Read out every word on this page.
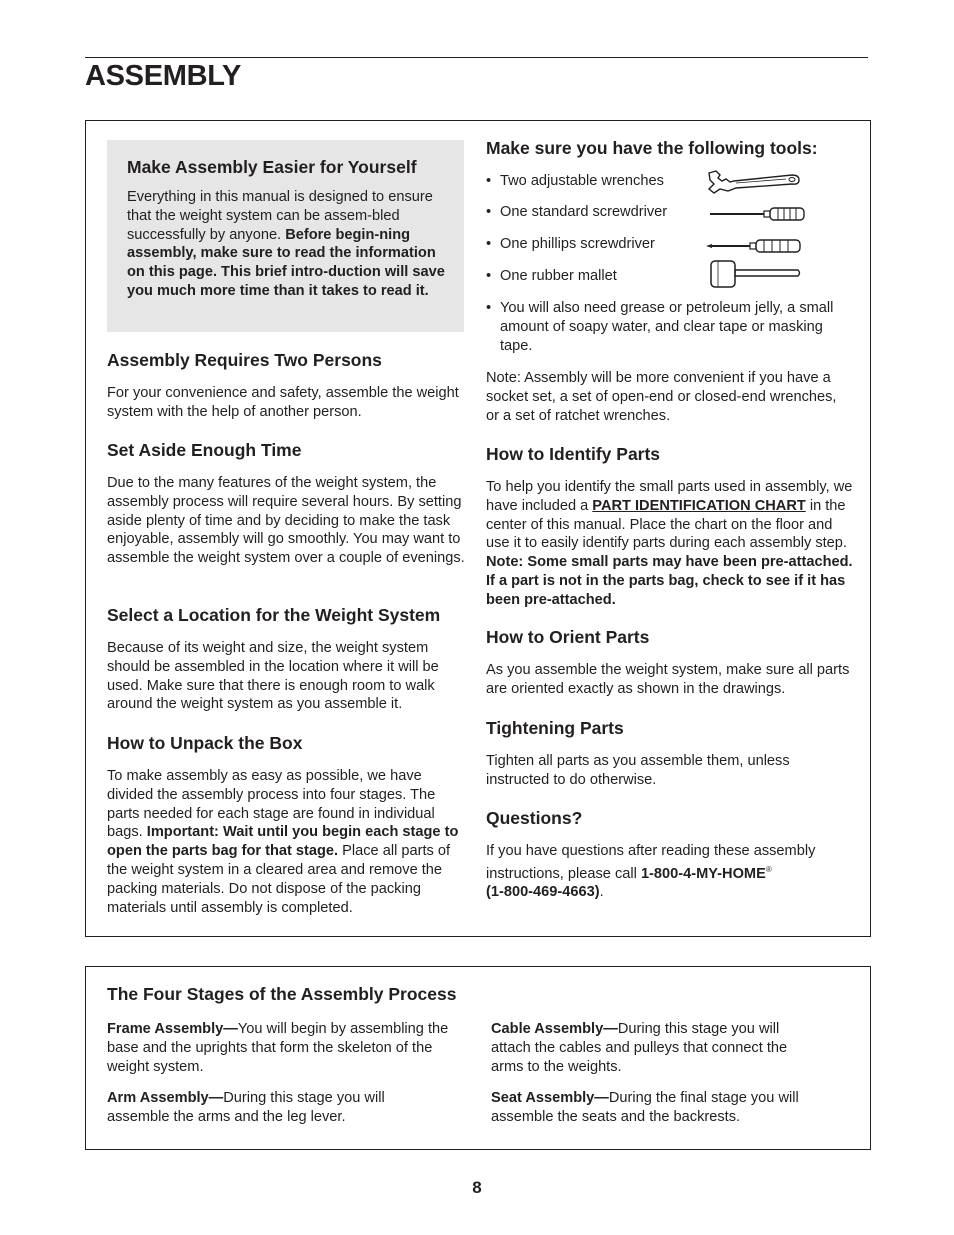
ASSEMBLY
Make Assembly Easier for Yourself

Everything in this manual is designed to ensure that the weight system can be assem-bled successfully by anyone. Before begin-ning assembly, make sure to read the information on this page. This brief intro-duction will save you much more time than it takes to read it.

Assembly Requires Two Persons

For your convenience and safety, assemble the weight system with the help of another person.

Set Aside Enough Time

Due to the many features of the weight system, the assembly process will require several hours. By setting aside plenty of time and by deciding to make the task enjoyable, assembly will go smoothly. You may want to assemble the weight system over a couple of evenings.

Select a Location for the Weight System

Because of its weight and size, the weight system should be assembled in the location where it will be used. Make sure that there is enough room to walk around the weight system as you assemble it.

How to Unpack the Box

To make assembly as easy as possible, we have divided the assembly process into four stages. The parts needed for each stage are found in individual bags. Important: Wait until you begin each stage to open the parts bag for that stage. Place all parts of the weight system in a cleared area and remove the packing materials. Do not dispose of the packing materials until assembly is completed.

Make sure you have the following tools:
• Two adjustable wrenches
• One standard screwdriver
• One phillips screwdriver
• One rubber mallet
• You will also need grease or petroleum jelly, a small amount of soapy water, and clear tape or masking tape.

Note: Assembly will be more convenient if you have a socket set, a set of open-end or closed-end wrenches, or a set of ratchet wrenches.

How to Identify Parts

To help you identify the small parts used in assembly, we have included a PART IDENTIFICATION CHART in the center of this manual. Place the chart on the floor and use it to easily identify parts during each assembly step. Note: Some small parts may have been pre-attached. If a part is not in the parts bag, check to see if it has been pre-attached.

How to Orient Parts

As you assemble the weight system, make sure all parts are oriented exactly as shown in the drawings.

Tightening Parts

Tighten all parts as you assemble them, unless instructed to do otherwise.

Questions?

If you have questions after reading these assembly instructions, please call 1-800-4-MY-HOME®
(1-800-469-4663).

The Four Stages of the Assembly Process

Frame Assembly—You will begin by assembling the base and the uprights that form the skeleton of the weight system.

Arm Assembly—During this stage you will assemble the arms and the leg lever.

Cable Assembly—During this stage you will attach the cables and pulleys that connect the arms to the weights.

Seat Assembly—During the final stage you will assemble the seats and the backrests.

8
